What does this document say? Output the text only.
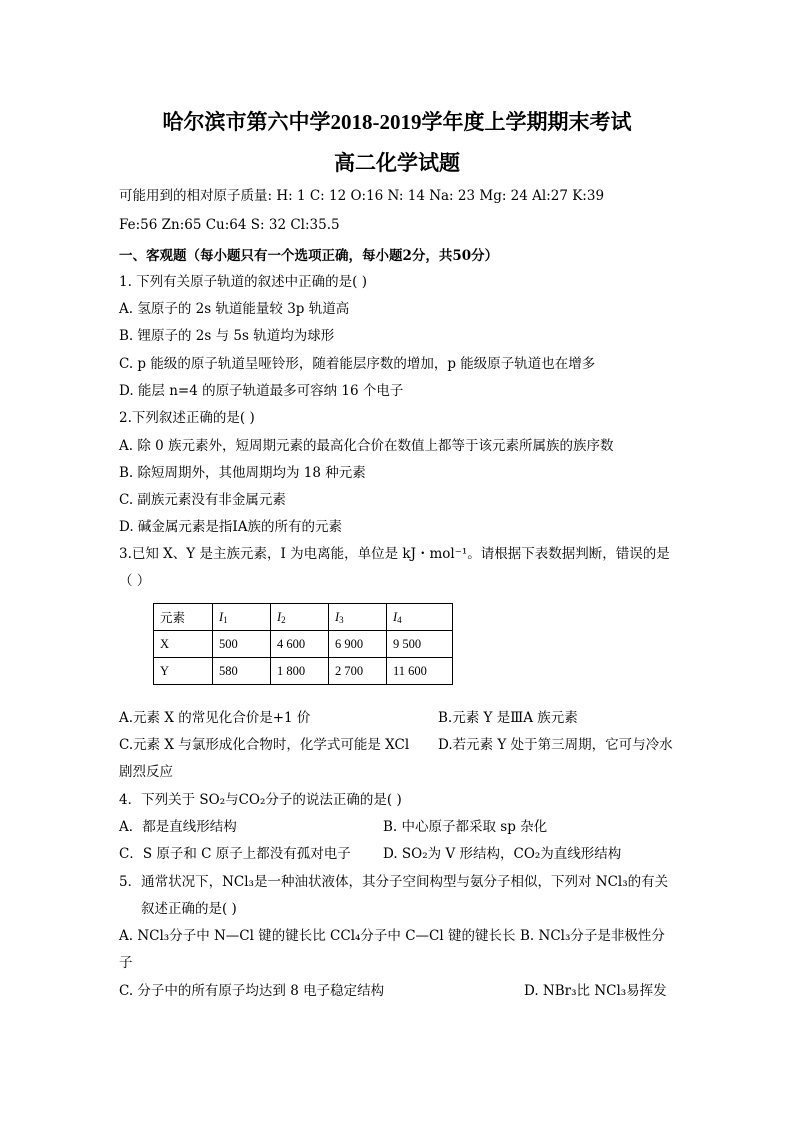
哈尔滨市第六中学2018-2019学年度上学期期末考试
高二化学试题
可能用到的相对原子质量: H: 1 C: 12 O:16 N: 14 Na: 23 Mg: 24 Al:27 K:39
Fe:56 Zn:65 Cu:64 S: 32 Cl:35.5
一、客观题（每小题只有一个选项正确，每小题2分，共50分）
1. 下列有关原子轨道的叙述中正确的是( )
A. 氢原子的 2s 轨道能量较 3p 轨道高
B. 锂原子的 2s 与 5s 轨道均为球形
C. p 能级的原子轨道呈哑铃形，随着能层序数的增加，p 能级原子轨道也在增多
D. 能层 n=4 的原子轨道最多可容纳 16 个电子
2.下列叙述正确的是( )
A. 除 0 族元素外，短周期元素的最高化合价在数值上都等于该元素所属族的族序数
B. 除短周期外，其他周期均为 18 种元素
C. 副族元素没有非金属元素
D. 碱金属元素是指ⅠA族的所有的元素
3.已知 X、Y 是主族元素，I 为电离能，单位是 kJ・mol⁻¹。请根据下表数据判断，错误的是
（ ）
元素	$I_1$	$I_2$	$I_3$	$I_4$
X	500	4 600	6 900	9 500
Y	580	1 800	2 700	11 600
A.元素 X 的常见化合价是+1 价	B.元素 Y 是ⅢA 族元素
C.元素 X 与氯形成化合物时，化学式可能是 XCl D.若元素 Y 处于第三周期，它可与冷水
剧烈反应
4．下列关于 SO₂与CO₂分子的说法正确的是( )
A．都是直线形结构	B. 中心原子都采取 sp 杂化
C．S 原子和 C 原子上都没有孤对电子 D. SO₂为 V 形结构，CO₂为直线形结构
5．通常状况下，NCl₃是一种油状液体，其分子空间构型与氨分子相似，下列对 NCl₃的有关
叙述正确的是( )
A. NCl₃分子中 N—Cl 键的键长比 CCl₄分子中 C—Cl 键的键长长 B. NCl₃分子是非极性分
子
C. 分子中的所有原子均达到 8 电子稳定结构	D. NBr₃比 NCl₃易挥发
